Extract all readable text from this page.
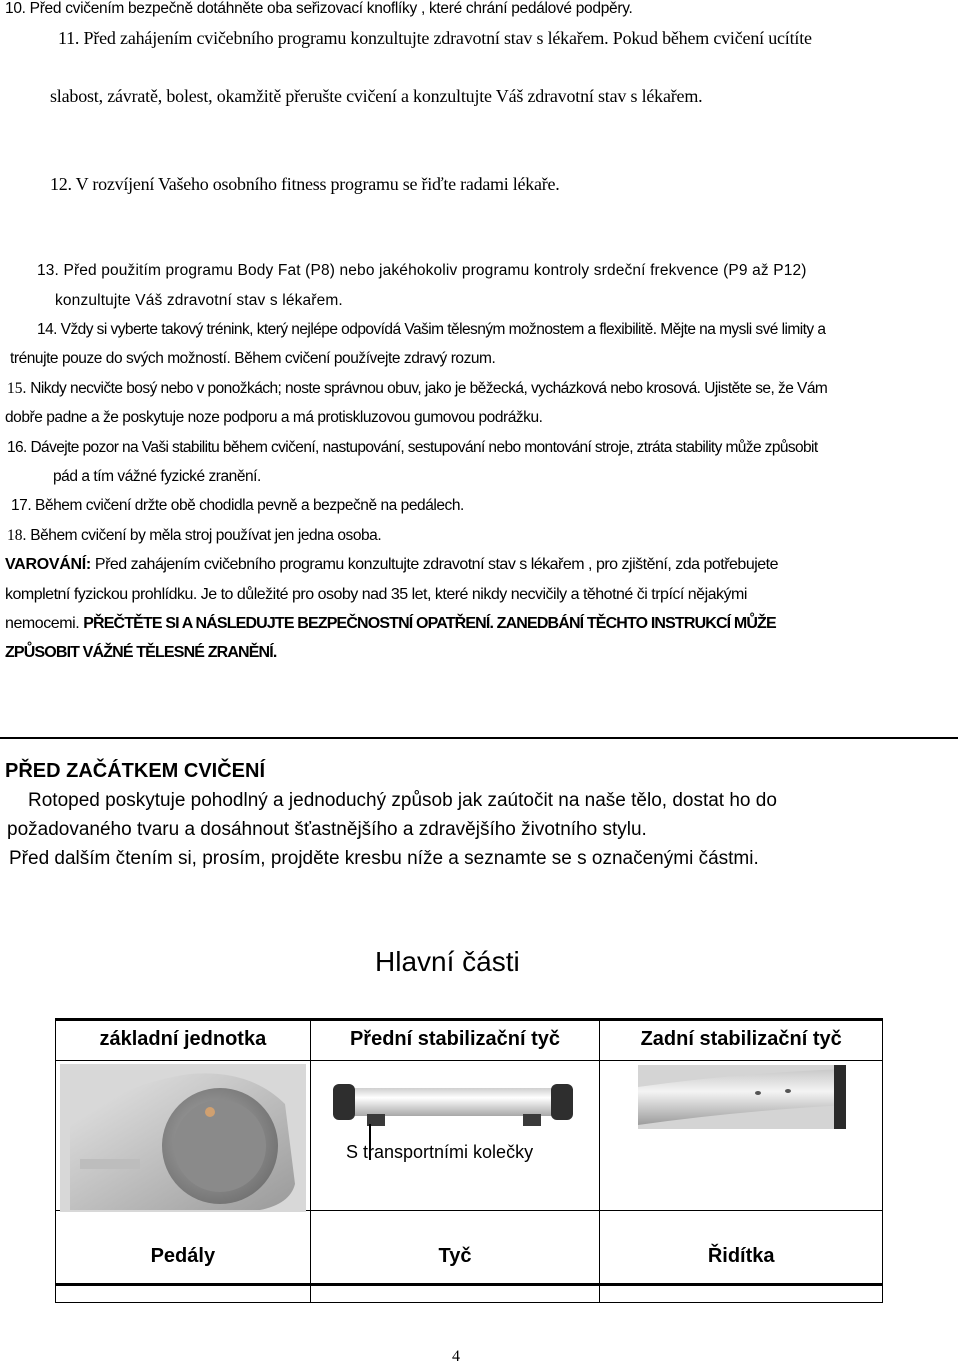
10. Před cvičením bezpečně dotáhněte oba seřizovací knoflíky , které chrání pedálové podpěry.
11. Před zahájením cvičebního programu konzultujte zdravotní stav s lékařem. Pokud během cvičení ucítíte
slabost, závratě, bolest, okamžitě přerušte cvičení a konzultujte Váš zdravotní stav s lékařem.
12. V rozvíjení Vašeho osobního fitness programu se řiďte radami lékaře.
13. Před použitím programu Body Fat (P8) nebo jakéhokoliv programu kontroly srdeční frekvence (P9 až P12)
konzultujte Váš zdravotní stav s lékařem.
14. Vždy si vyberte takový trénink, který nejlépe odpovídá Vašim tělesným možnostem a flexibilitě. Mějte na mysli své limity a
trénujte pouze do svých možností. Během cvičení používejte zdravý rozum.
15. Nikdy necvičte bosý nebo v ponožkách; noste správnou obuv, jako je běžecká, vycházková nebo krosová. Ujistěte se, že Vám
dobře padne a že poskytuje noze podporu a má protiskluzovou gumovou podrážku.
16. Dávejte pozor na Vaši stabilitu během cvičení, nastupování, sestupování nebo montování stroje, ztráta stability může způsobit
pád a tím vážné fyzické zranění.
17. Během cvičení držte obě chodidla pevně a bezpečně na pedálech.
18. Během cvičení by měla stroj používat jen jedna osoba.
VAROVÁNÍ: Před zahájením cvičebního programu konzultujte zdravotní stav s lékařem , pro zjištění, zda potřebujete
kompletní fyzickou prohlídku. Je to důležité pro osoby nad 35 let, které nikdy necvičily a těhotné či trpící nějakými
nemocemi. PŘEČTĚTE SI A NÁSLEDUJTE BEZPEČNOSTNÍ OPATŘENÍ. ZANEDBÁNÍ TĚCHTO INSTRUKCÍ MŮŽE
ZPŮSOBIT VÁŽNÉ TĚLESNÉ ZRANĚNÍ.
PŘED ZAČÁTKEM CVIČENÍ
Rotoped poskytuje pohodlný a jednoduchý způsob jak zaútočit na naše tělo, dostat ho do
požadovaného tvaru a dosáhnout šťastnějšího a zdravějšího životního stylu.
Před dalším čtením si, prosím, projděte kresbu níže a seznamte se s označenými částmi.
Hlavní části
základní jednotka	Přední stabilizační tyč	Zadní stabilizační tyč

Pedály	Tyč	Řidítka
S transportními kolečky
4
